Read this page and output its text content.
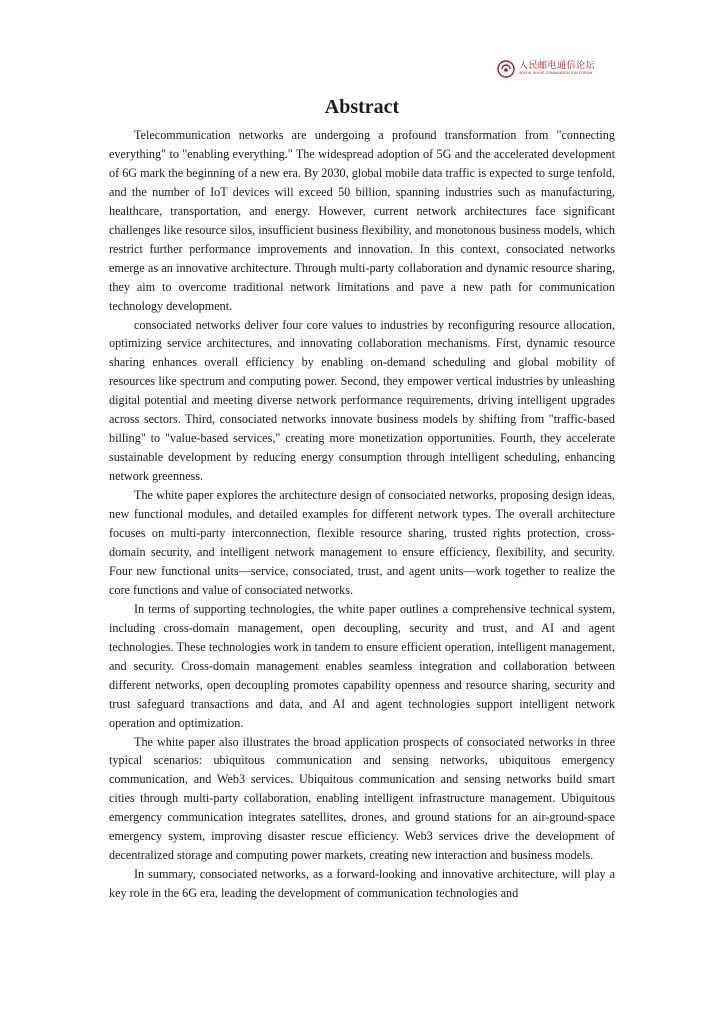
人民邮电通信论坛
WUXIN SHIJIE COMMUNICATION FORUM
Abstract

Telecommunication networks are undergoing a profound transformation from "connecting everything" to "enabling everything." The widespread adoption of 5G and the accelerated development of 6G mark the beginning of a new era. By 2030, global mobile data traffic is expected to surge tenfold, and the number of IoT devices will exceed 50 billion, spanning industries such as manufacturing, healthcare, transportation, and energy. However, current network architectures face significant challenges like resource silos, insufficient business flexibility, and monotonous business models, which restrict further performance improvements and innovation. In this context, consociated networks emerge as an innovative architecture. Through multi-party collaboration and dynamic resource sharing, they aim to overcome traditional network limitations and pave a new path for communication technology development.

consociated networks deliver four core values to industries by reconfiguring resource allocation, optimizing service architectures, and innovating collaboration mechanisms. First, dynamic resource sharing enhances overall efficiency by enabling on-demand scheduling and global mobility of resources like spectrum and computing power. Second, they empower vertical industries by unleashing digital potential and meeting diverse network performance requirements, driving intelligent upgrades across sectors. Third, consociated networks innovate business models by shifting from "traffic-based billing" to "value-based services," creating more monetization opportunities. Fourth, they accelerate sustainable development by reducing energy consumption through intelligent scheduling, enhancing network greenness.

The white paper explores the architecture design of consociated networks, proposing design ideas, new functional modules, and detailed examples for different network types. The overall architecture focuses on multi-party interconnection, flexible resource sharing, trusted rights protection, cross-domain security, and intelligent network management to ensure efficiency, flexibility, and security. Four new functional units—service, consociated, trust, and agent units—work together to realize the core functions and value of consociated networks.

In terms of supporting technologies, the white paper outlines a comprehensive technical system, including cross-domain management, open decoupling, security and trust, and AI and agent technologies. These technologies work in tandem to ensure efficient operation, intelligent management, and security. Cross-domain management enables seamless integration and collaboration between different networks, open decoupling promotes capability openness and resource sharing, security and trust safeguard transactions and data, and AI and agent technologies support intelligent network operation and optimization.

The white paper also illustrates the broad application prospects of consociated networks in three typical scenarios: ubiquitous communication and sensing networks, ubiquitous emergency communication, and Web3 services. Ubiquitous communication and sensing networks build smart cities through multi-party collaboration, enabling intelligent infrastructure management. Ubiquitous emergency communication integrates satellites, drones, and ground stations for an air-ground-space emergency system, improving disaster rescue efficiency. Web3 services drive the development of decentralized storage and computing power markets, creating new interaction and business models.

In summary, consociated networks, as a forward-looking and innovative architecture, will play a key role in the 6G era, leading the development of communication technologies and
